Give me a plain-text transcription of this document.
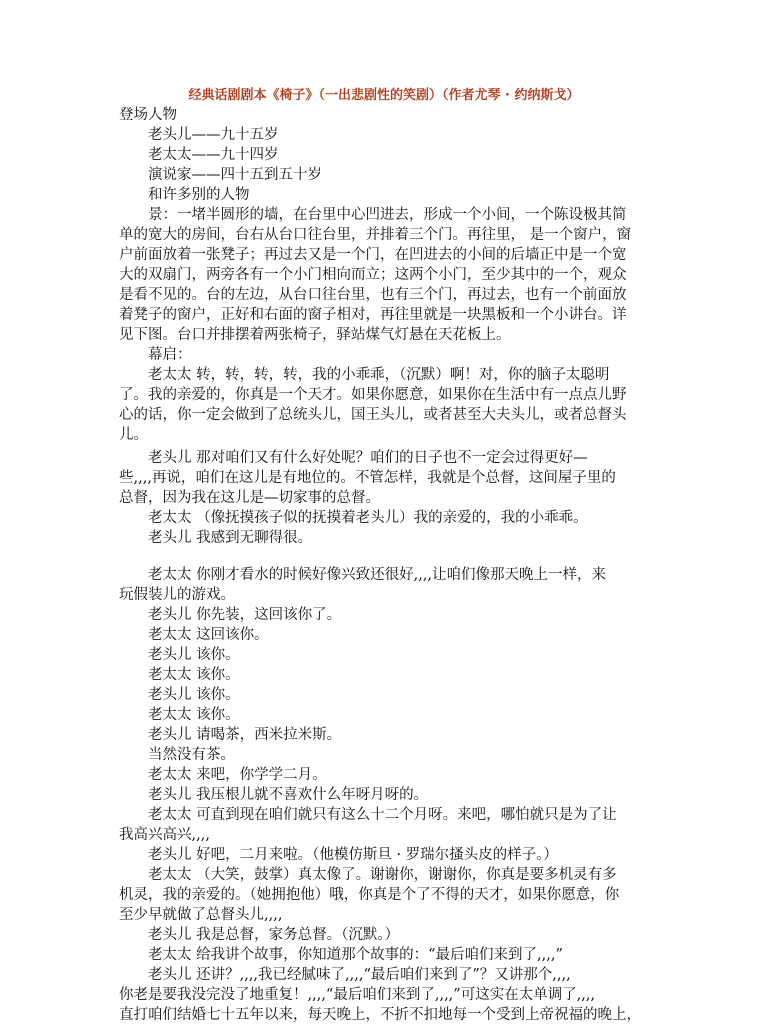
经典话剧剧本《椅子》（一出悲剧性的笑剧）（作者尤琴 · 约纳斯戈）
登场人物
老头儿——九十五岁
老太太——九十四岁
演说家——四十五到五十岁
和许多别的人物
景：一堵半圆形的墙，在台里中心凹进去，形成一个小间，一个陈设极其简
单的宽大的房间，台右从台口往台里，并排着三个门。再往里， 是一个窗户，窗
户前面放着一张凳子；再过去又是一个门，在凹进去的小间的后墙正中是一个宽
大的双扇门，两旁各有一个小门相向而立；这两个小门，至少其中的一个，观众
是看不见的。台的左边，从台口往台里，也有三个门，再过去，也有一个前面放
着凳子的窗户，正好和右面的窗子相对，再往里就是一块黑板和一个小讲台。详
见下图。台口并排摆着两张椅子，驿站煤气灯悬在天花板上。
幕启：
老太太 转，转，转，转，我的小乖乖，（沉默）啊！对，你的脑子太聪明
了。我的亲爱的，你真是一个天才。如果你愿意，如果你在生活中有一点点儿野
心的话，你一定会做到了总统头儿，国王头儿，或者甚至大夫头儿，或者总督头
儿。
老头儿 那对咱们又有什么好处呢？咱们的日子也不一定会过得更好—
些,,,,再说，咱们在这儿是有地位的。不管怎样，我就是个总督，这间屋子里的
总督，因为我在这儿是—切家事的总督。
老太太 （像抚摸孩子似的抚摸着老头儿）我的亲爱的，我的小乖乖。
老头儿 我感到无聊得很。
老太太 你刚才看水的时候好像兴致还很好,,,,让咱们像那天晚上一样，来
玩假装儿的游戏。
老头儿 你先装，这回该你了。
老太太 这回该你。
老头儿 该你。
老太太 该你。
老头儿 该你。
老太太 该你。
老头儿 请喝茶，西米拉米斯。
当然没有茶。
老太太 来吧，你学学二月。
老头儿 我压根儿就不喜欢什么年呀月呀的。
老太太 可直到现在咱们就只有这么十二个月呀。来吧，哪怕就只是为了让
我高兴高兴,,,,
老头儿 好吧，二月来啦。（他模仿斯旦 · 罗瑞尔搔头皮的样子。）
老太太 （大笑，鼓掌）真太像了。谢谢你，谢谢你，你真是要多机灵有多
机灵，我的亲爱的。（她拥抱他）哦，你真是个了不得的天才，如果你愿意，你
至少早就做了总督头儿,,,,
老头儿 我是总督，家务总督。（沉默。）
老太太 给我讲个故事，你知道那个故事的：“最后咱们来到了,,,,”
老头儿 还讲？,,,,我已经腻味了,,,,“最后咱们来到了”？又讲那个,,,,
你老是要我没完没了地重复！,,,,“最后咱们来到了,,,,”可这实在太单调了,,,,
直打咱们结婚七十五年以来，每天晚上，不折不扣地每一个受到上帝祝福的晚上，
